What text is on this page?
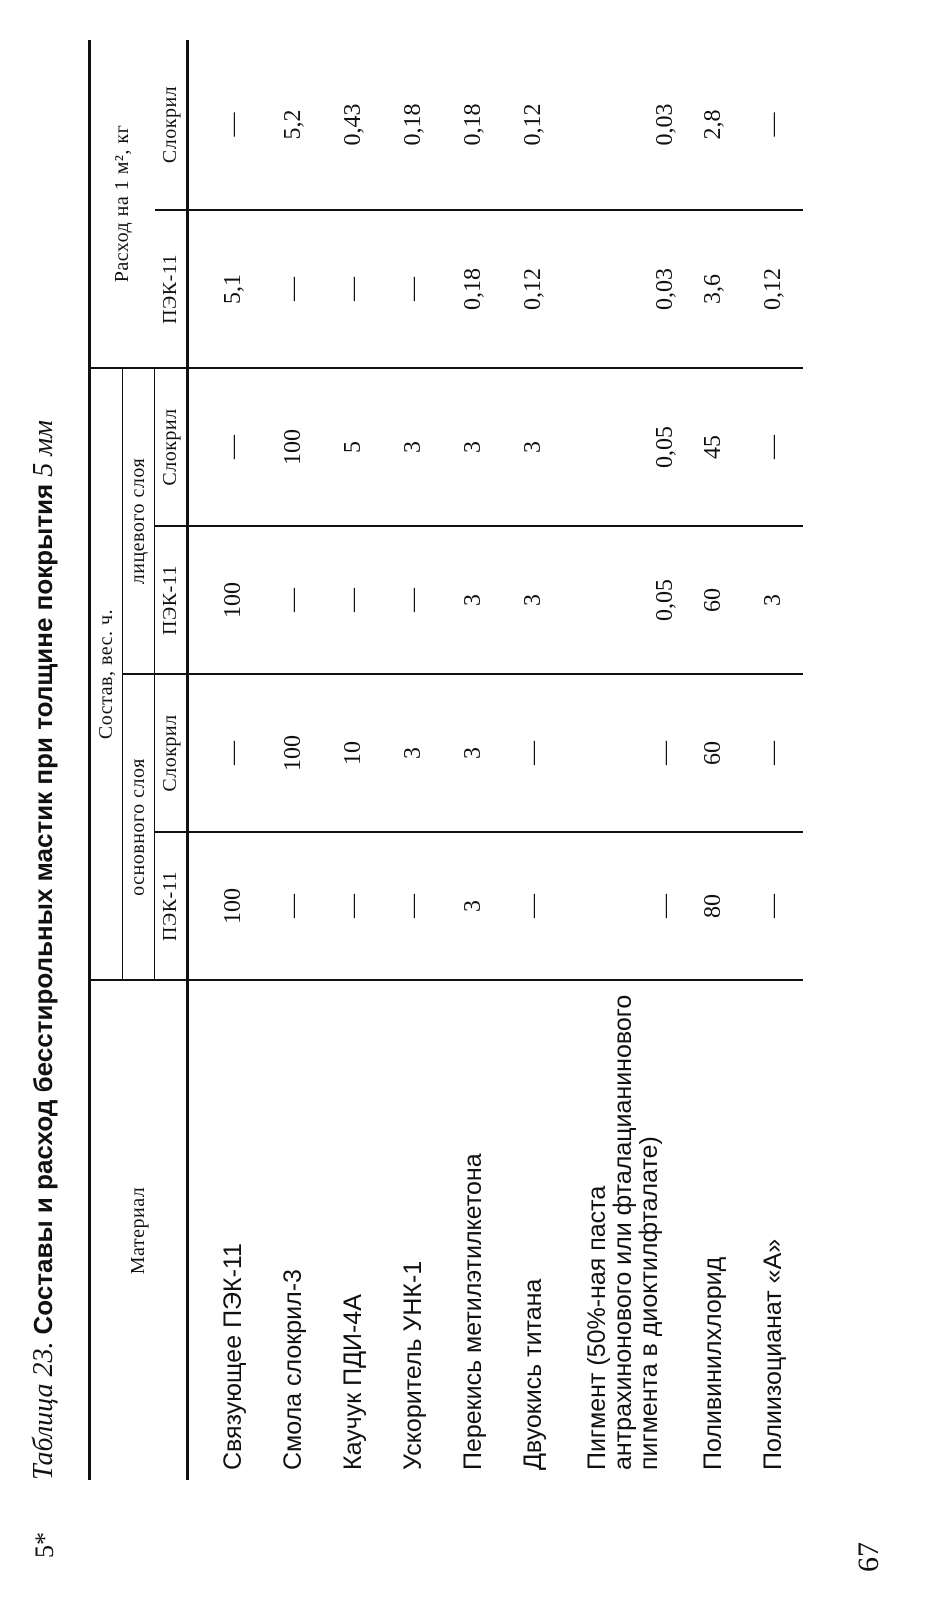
5*	67
Таблица 23. Составы и расход бесстирольных мастик при толщине покрытия 5 мм
Материал	Состав, вес. ч.				Расход на 1 м², кг	
	основного слоя		лицевого слоя			
	ПЭК-11	Слокрил	ПЭК-11	Слокрил	ПЭК-11	Слокрил
Связующее ПЭК-11	100	—	100	—	5,1	—
Смола слокрил-3	—	100	—	100	—	5,2
Каучук ПДИ-4А	—	10	—	5	—	0,43
Ускоритель УНК-1	—	3	—	3	—	0,18
Перекись метилэтилкетона	3	3	3	3	0,18	0,18
Двуокись титана	—	—	3	3	0,12	0,12
Пигмент (50%-ная паста антрахинонового или фталацианинового пигмента в диоктилфталате)	—	—	0,05	0,05	0,03	0,03
Поливинилхлорид	80	60	60	45	3,6	2,8
Полиизоцианат «А»	—	—	3	—	0,12	—
